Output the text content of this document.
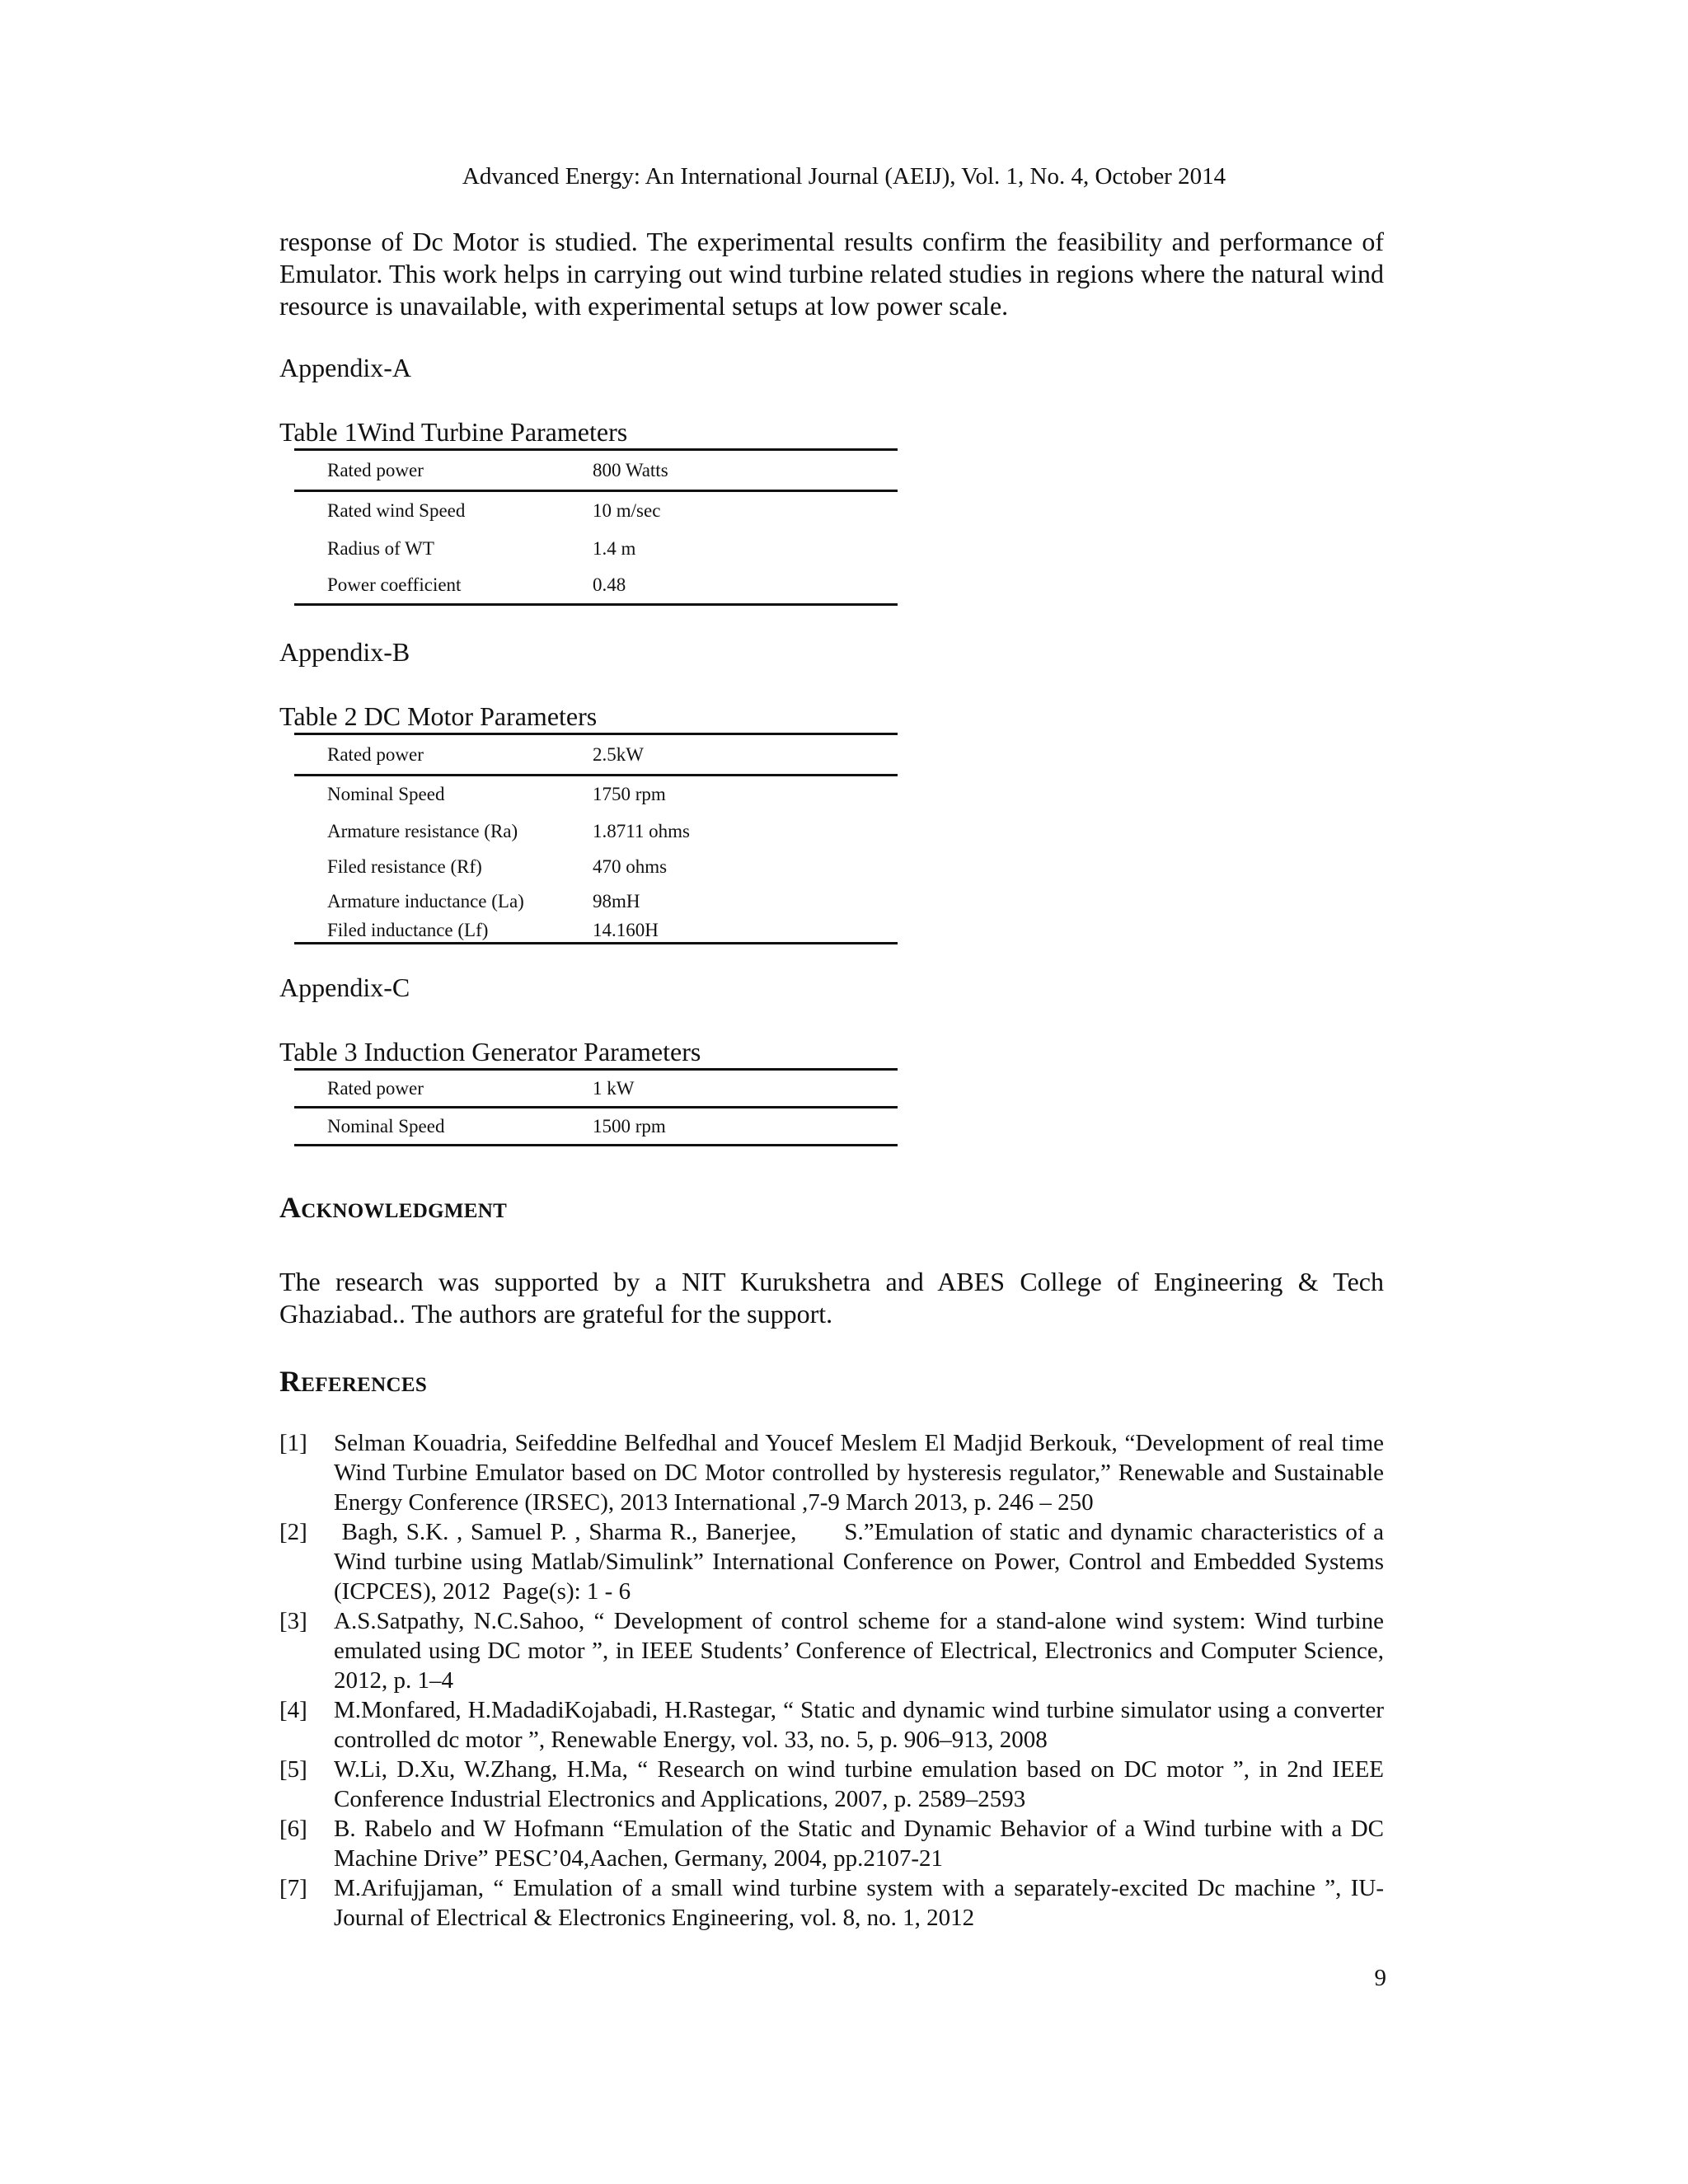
Advanced Energy: An International Journal (AEIJ), Vol. 1, No. 4, October 2014

response of Dc Motor is studied. The experimental results confirm the feasibility and performance of Emulator. This work helps in carrying out wind turbine related studies in regions where the natural wind resource is unavailable, with experimental setups at low power scale.

Appendix-A

Table 1Wind Turbine Parameters

Rated power	800 Watts
Rated wind Speed	10 m/sec
Radius of WT	1.4 m
Power coefficient	0.48

Appendix-B

Table 2 DC Motor Parameters

Rated power	2.5kW
Nominal Speed	1750 rpm
Armature resistance (Ra)	1.8711 ohms
Filed resistance (Rf)	470 ohms
Armature inductance (La)	98mH
Filed inductance (Lf)	14.160H

Appendix-C

Table 3 Induction Generator Parameters

Rated power	1 kW
Nominal Speed	1500 rpm
Acknowledgment

The research was supported by a NIT Kurukshetra and ABES College of Engineering & Tech Ghaziabad.. The authors are grateful for the support.

References
[1] Selman Kouadria, Seifeddine Belfedhal and Youcef Meslem El Madjid Berkouk, “Development of real time Wind Turbine Emulator based on DC Motor controlled by hysteresis regulator,” Renewable and Sustainable Energy Conference (IRSEC), 2013 International ,7-9 March 2013, p. 246 – 250
[2] Bagh, S.K. , Samuel P. , Sharma R., Banerjee,      S.”Emulation of static and dynamic characteristics of a Wind turbine using Matlab/Simulink” International Conference on Power, Control and Embedded Systems (ICPCES), 2012  Page(s): 1 - 6
[3] A.S.Satpathy, N.C.Sahoo, “ Development of control scheme for a stand-alone wind system: Wind turbine emulated using DC motor ”, in IEEE Students’ Conference of Electrical, Electronics and Computer Science, 2012, p. 1–4
[4] M.Monfared, H.MadadiKojabadi, H.Rastegar, “ Static and dynamic wind turbine simulator using a converter controlled dc motor ”, Renewable Energy, vol. 33, no. 5, p. 906–913, 2008
[5] W.Li, D.Xu, W.Zhang, H.Ma, “ Research on wind turbine emulation based on DC motor ”, in 2nd IEEE Conference Industrial Electronics and Applications, 2007, p. 2589–2593
[6] B. Rabelo and W Hofmann “Emulation of the Static and Dynamic Behavior of a Wind turbine with a DC Machine Drive” PESC’04,Aachen, Germany, 2004, pp.2107-21
[7] M.Arifujjaman, “ Emulation of a small wind turbine system with a separately-excited Dc machine ”, IU-Journal of Electrical & Electronics Engineering, vol. 8, no. 1, 2012
9
